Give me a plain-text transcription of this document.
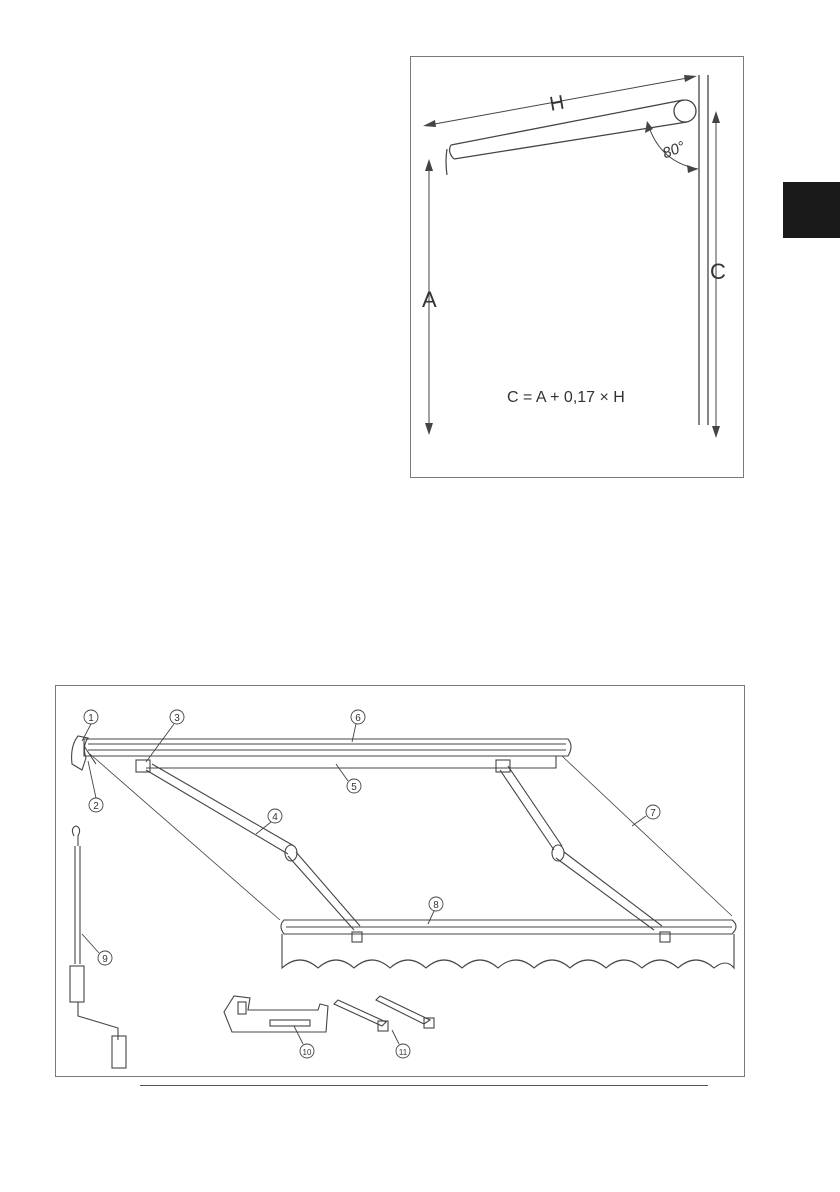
H
A
C
80°
C = A + 0,17 × H
1
2
3
4
5
6
7
8
9
10	11
